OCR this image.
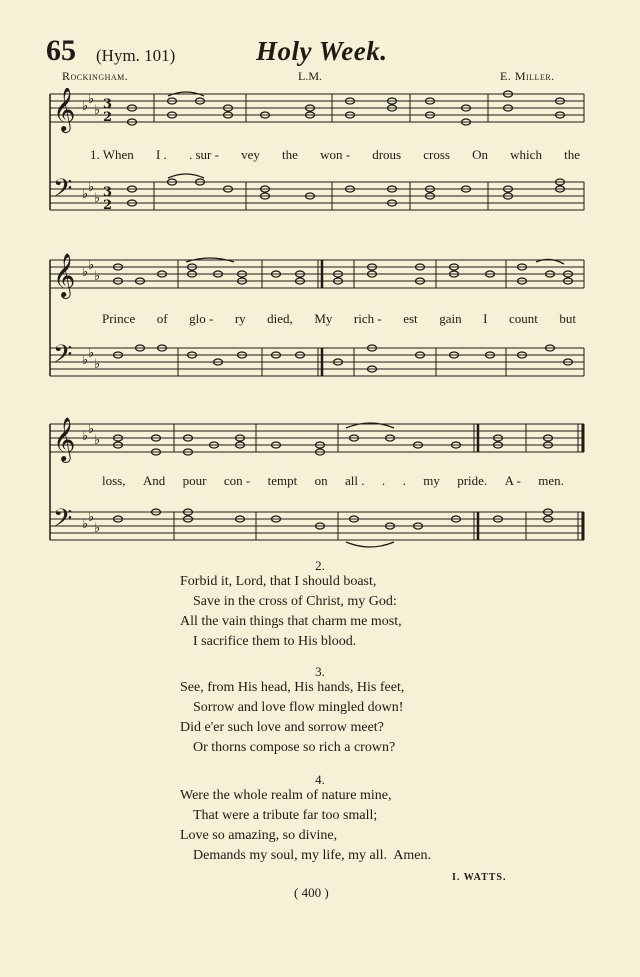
65 (Hym. 101)	Holy Week.
Rockingham.	L.M.	E. Miller.
𝄞
𝄢
♭ ♭
♭
♭ ♭
♭
3
2
3
2
1. When I . . sur - vey the won - drous cross On which the
𝄞
𝄢
♭ ♭
♭
♭ ♭
♭
Prince of glo - ry died, My rich - est gain I count but
𝄞
𝄢
♭ ♭
♭
♭ ♭
♭
loss, And pour con - tempt on all . . . my pride. A - men.
2.
Forbid it, Lord, that I should boast,
Save in the cross of Christ, my God:
All the vain things that charm me most,
I sacrifice them to His blood.
3.
See, from His head, His hands, His feet,
Sorrow and love flow mingled down!
Did e'er such love and sorrow meet?
Or thorns compose so rich a crown?
4.
Were the whole realm of nature mine,
That were a tribute far too small;
Love so amazing, so divine,
Demands my soul, my life, my all.  Amen.
I. WATTS.
( 400 )
